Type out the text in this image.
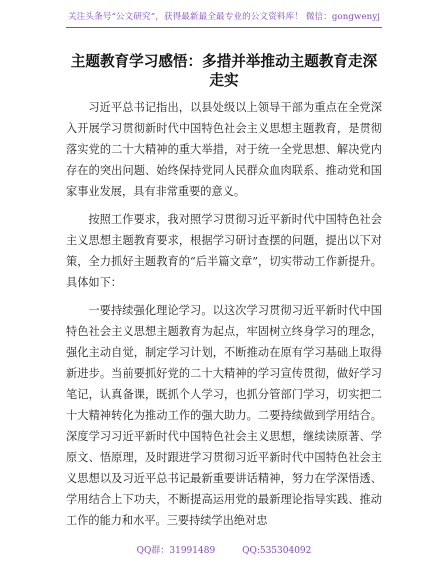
关注头条号“公文研究”，获得最新最全最专业的公文资料库！ 微信：gongwenyj
主题教育学习感悟：多措并举推动主题教育走深走实

习近平总书记指出，以县处级以上领导干部为重点在全党深入开展学习贯彻新时代中国特色社会主义思想主题教育，是贯彻落实党的二十大精神的重大举措，对于统一全党思想、解决党内存在的突出问题、始终保持党同人民群众血肉联系、推动党和国家事业发展，具有非常重要的意义。

按照工作要求，我对照学习贯彻习近平新时代中国特色社会主义思想主题教育要求，根据学习研讨查摆的问题，提出以下对策，全力抓好主题教育的“后半篇文章”，切实带动工作新提升。具体如下：

一要持续强化理论学习。以这次学习贯彻习近平新时代中国特色社会主义思想主题教育为起点，牢固树立终身学习的理念，强化主动自觉，制定学习计划，不断推动在原有学习基础上取得新进步。当前要抓好党的二十大精神的学习宣传贯彻，做好学习笔记，认真备课，既抓个人学习，也抓分管部门学习，切实把二十大精神转化为推动工作的强大助力。二要持续做到学用结合。深度学习习近平新时代中国特色社会主义思想，继续读原著、学原文、悟原理，及时跟进学习贯彻习近平新时代中国特色社会主义思想以及习近平总书记最新重要讲话精神，努力在学深悟透、学用结合上下功夫，不断提高运用党的最新理论指导实践、推动工作的能力和水平。三要持续学出绝对忠

QQ群：31991489	QQ:535304092
